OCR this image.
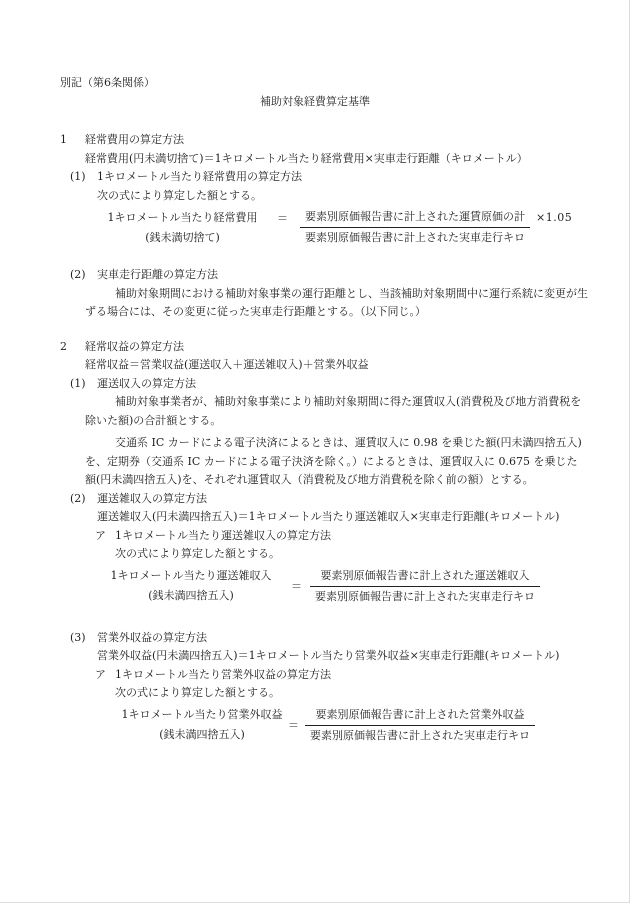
別記（第6条関係）
補助対象経費算定基準
1	経常費用の算定方法
経常費用(円未満切捨て)＝1キロメートル当たり経常費用×実車走行距離（キロメートル）
(1)	1キロメートル当たり経常費用の算定方法
次の式により算定した額とする。
1キロメートル当たり経常費用
(銭未満切捨て)
＝ $\frac{\text{要素別原価報告書に計上された運賃原価の計}}{\text{要素別原価報告書に計上された実車走行キロ}} \times 1.05$
(2)	実車走行距離の算定方法
補助対象期間における補助対象事業の運行距離とし、当該補助対象期間中に運行系統に変更が生
ずる場合には、その変更に従った実車走行距離とする。（以下同じ。）
2	経常収益の算定方法
経常収益＝営業収益(運送収入＋運送雑収入)＋営業外収益
(1)	運送収入の算定方法
補助対象事業者が、補助対象事業により補助対象期間に得た運賃収入(消費税及び地方消費税を
除いた額)の合計額とする。
交通系 IC カードによる電子決済によるときは、運賃収入に 0.98 を乗じた額(円未満四捨五入)
を、定期券（交通系 IC カードによる電子決済を除く。）によるときは、運賃収入に 0.675 を乗じた
額(円未満四捨五入)を、それぞれ運賃収入（消費税及び地方消費税を除く前の額）とする。
(2)	運送雑収入の算定方法
運送雑収入(円未満四捨五入)＝1キロメートル当たり運送雑収入×実車走行距離(キロメートル)
ア 1キロメートル当たり運送雑収入の算定方法
次の式により算定した額とする。
1キロメートル当たり運送雑収入
(銭未満四捨五入)
＝ $\frac{\text{要素別原価報告書に計上された運送雑収入}}{\text{要素別原価報告書に計上された実車走行キロ}}$
(3)	営業外収益の算定方法
営業外収益(円未満四捨五入)＝1キロメートル当たり営業外収益×実車走行距離(キロメートル)
ア 1キロメートル当たり営業外収益の算定方法
次の式により算定した額とする。
1キロメートル当たり営業外収益
(銭未満四捨五入)
＝ $\frac{\text{要素別原価報告書に計上された営業外収益}}{\text{要素別原価報告書に計上された実車走行キロ}}$
